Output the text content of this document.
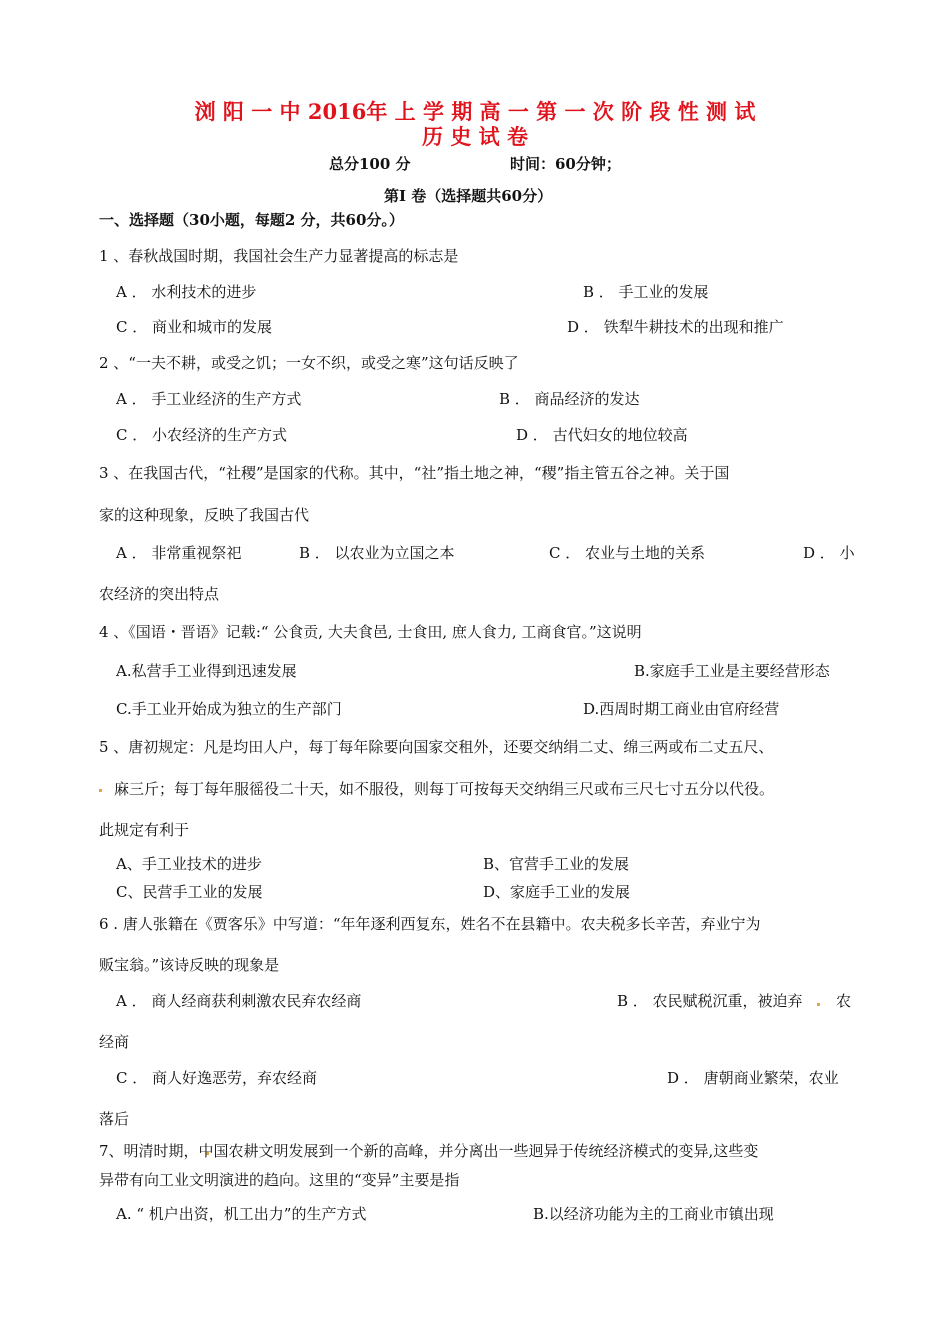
浏 阳 一 中 2016年 上 学 期 高 一 第 一 次 阶 段 性 测 试
历 史 试 卷
总分100 分	时间：60分钟；
第I 卷（选择题共60分）
一、选择题（30小题，每题2 分，共60分。）
1 、春秋战国时期，我国社会生产力显著提高的标志是
A ． 水利技术的进步	B ． 手工业的发展
C ． 商业和城市的发展	D ． 铁犁牛耕技术的出现和推广
2 、“一夫不耕，或受之饥；一女不织，或受之寒”这句话反映了
A ． 手工业经济的生产方式	B ． 商品经济的发达
C ． 小农经济的生产方式	D ． 古代妇女的地位较高
3 、在我国古代，“社稷”是国家的代称。其中，“社”指土地之神，“稷”指主管五谷之神。关于国
家的这种现象，反映了我国古代
A ． 非常重视祭祀	B ． 以农业为立国之本	C ． 农业与土地的关系	D ． 小
农经济的突出特点
4 、《国语・晋语》记载:“ 公食贡, 大夫食邑, 士食田, 庶人食力, 工商食官。”这说明
A.私营手工业得到迅速发展	B.家庭手工业是主要经营形态
C.手工业开始成为独立的生产部门	D.西周时期工商业由官府经营
5 、唐初规定：凡是均田人户，每丁每年除要向国家交租外，还要交纳绢二丈、绵三两或布二丈五尺、
麻三斤；每丁每年服徭役二十天，如不服役，则每丁可按每天交纳绢三尺或布三尺七寸五分以代役。
此规定有利于
A、手工业技术的进步	B、官营手工业的发展
C、民营手工业的发展	D、家庭手工业的发展
6 . 唐人张籍在《贾客乐》中写道：“年年逐利西复东，姓名不在县籍中。农夫税多长辛苦，弃业宁为
贩宝翁。”该诗反映的现象是
A ． 商人经商获利刺激农民弃农经商	B ． 农民赋税沉重，被迫弃 农
经商
C ． 商人好逸恶劳，弃农经商	D ． 唐朝商业繁荣，农业
落后
7、明清时期，中国农耕文明发展到一个新的高峰，并分离出一些迥异于传统经济模式的变异,这些变
异带有向工业文明演进的趋向。这里的“变异”主要是指
A. “ 机户出资，机工出力”的生产方式	B.以经济功能为主的工商业市镇出现
